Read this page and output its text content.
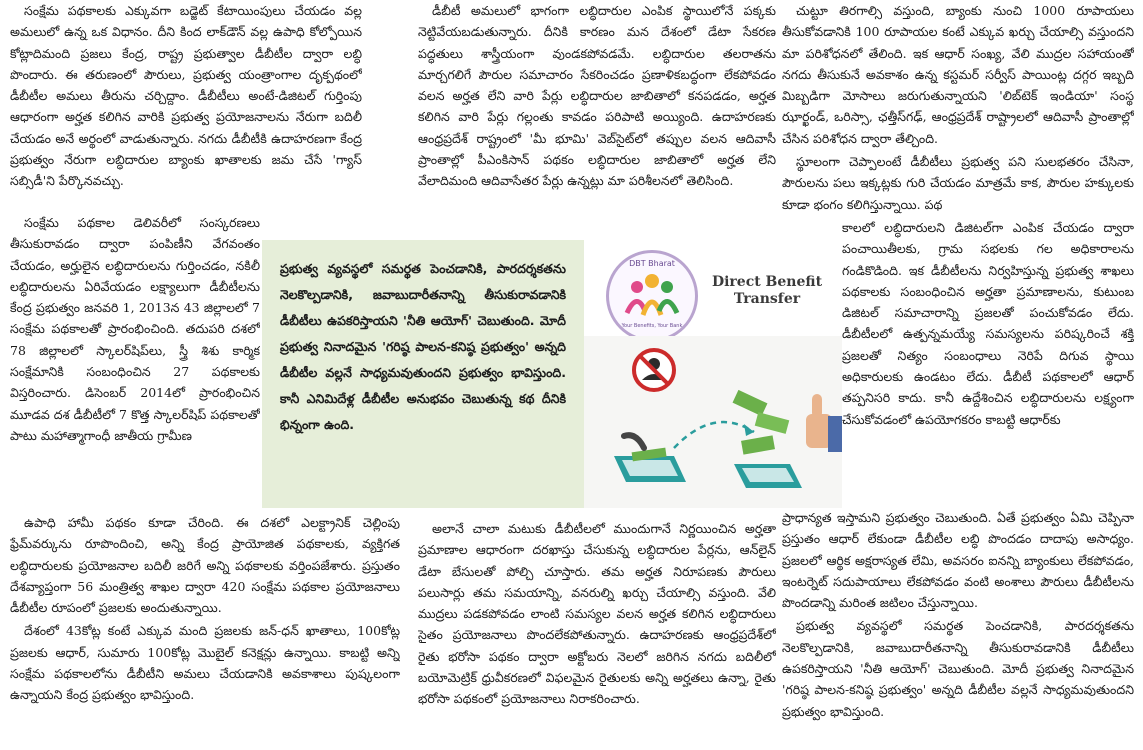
సంక్షేమ పథకాలకు ఎక్కువగా బడ్జెట్ కేటాయింపులు చేయడం వల్ల అమలులో ఉన్న ఒక విధానం. దీని కింద లాక్‌డౌన్ వల్ల ఉపాధి కోల్పోయిన కోట్లాదిమంది ప్రజలు కేంద్ర, రాష్ట్ర ప్రభుత్వాల డీబీటీల ద్వారా లబ్ధి పొందారు. ఈ తరుణంలో పౌరులు, ప్రభుత్వ యంత్రాంగాల దృక్పథంలో డీబీటీల అమలు తీరును చర్చిద్దాం. డీబీటీలు అంటే-డిజిటల్ గుర్తింపు ఆధారంగా అర్హత కలిగిన వారికి ప్రభుత్వ ప్రయోజనాలను నేరుగా బదిలీ చేయడం అనే అర్థంలో వాడుతున్నారు. నగదు డీబీటీకి ఉదాహరణగా కేంద్ర ప్రభుత్వం నేరుగా లబ్ధిదారుల బ్యాంకు ఖాతాలకు జమ చేసే 'గ్యాస్ సబ్సిడీ'ని పేర్కొనవచ్చు.

సంక్షేమ పథకాల డెలివరీలో సంస్కరణలు తీసుకురావడం ద్వారా పంపిణీని వేగవంతం చేయడం, అర్హులైన లబ్ధిదారులను గుర్తించడం, నకిలీ లబ్ధిదారులను ఏరివేయడం లక్ష్యాలుగా డీబీటీలను కేంద్ర ప్రభుత్వం జనవరి 1, 2013న 43 జిల్లాలలో 7 సంక్షేమ పథకాలతో ప్రారంభించింది. తదుపరి దశలో 78 జిల్లాలలో స్కాలర్‌షిప్‌లు, స్త్రీ శిశు కార్మిక సంక్షేమానికి సంబంధించిన 27 పథకాలకు విస్తరించారు. డిసెంబర్ 2014లో ప్రారంభించిన మూడవ దశ డీబీటీలో 7 కొత్త స్కాలర్‌షిప్ పథకాలతో పాటు మహాత్మాగాంధీ జాతీయ గ్రామీణ

ఉపాధి హామీ పథకం కూడా చేరింది. ఈ దశలో ఎలక్ట్రానిక్ చెల్లింపు ఫ్రేమ్‌వర్కును రూపొందించి, అన్ని కేంద్ర ప్రాయోజిత పథకాలకు, వ్యక్తిగత లబ్ధిదారులకు ప్రయోజనాల బదిలీ జరిగే అన్ని పథకాలకు వర్తింపజేశారు. ప్రస్తుతం దేశవ్యాప్తంగా 56 మంత్రిత్వ శాఖల ద్వారా 420 సంక్షేమ పథకాల ప్రయోజనాలు డీబీటీల రూపంలో ప్రజలకు అందుతున్నాయి.

దేశంలో 43కోట్ల కంటే ఎక్కువ మంది ప్రజలకు జన్-ధన్ ఖాతాలు, 100కోట్ల ప్రజలకు ఆధార్, సుమారు 100కోట్ల మొబైల్ కనెక్షన్లు ఉన్నాయి. కాబట్టి అన్ని సంక్షేమ పథకాలలోను డీబీటీని అమలు చేయడానికి అవకాశాలు పుష్కలంగా ఉన్నాయని కేంద్ర ప్రభుత్వం భావిస్తుంది.

డీబీటీ అమలులో భాగంగా లబ్ధిదారుల ఎంపిక స్థాయిలోనే పక్కకు నెట్టివేయబడుతున్నారు. దీనికి కారణం మన దేశంలో డేటా సేకరణ పద్ధతులు శాస్త్రీయంగా వుండకపోవడమే. లబ్ధిదారుల తలరాతను మార్చగలిగే పౌరుల సమాచారం సేకరించడం ప్రణాళికబద్ధంగా లేకపోవడం వలన అర్హత లేని వారి పేర్లు లబ్ధిదారుల జాబితాలో కనపడడం, అర్హత కలిగిన వారి పేర్లు గల్లంతు కావడం పరిపాటి అయ్యింది. ఉదాహరణకు ఆంధ్రప్రదేశ్ రాష్ట్రంలో 'మీ భూమి' వెబ్‌సైట్‌లో తప్పుల వలన ఆదివాసీ ప్రాంతాల్లో పీఎంకిసాన్ పథకం లబ్ధిదారుల జాబితాలో అర్హత లేని వేలాదిమంది ఆదివాసేతర పేర్లు ఉన్నట్లు మా పరిశీలనలో తెలిసింది.

అలానే చాలా మటుకు డీబీటీలలో ముందుగానే నిర్ణయించిన అర్హతా ప్రమాణాల ఆధారంగా దరఖాస్తు చేసుకున్న లబ్ధిదారుల పేర్లను, ఆన్‌లైన్ డేటా బేసులతో పోల్చి చూస్తారు. తమ అర్హత నిరూపణకు పౌరులు పలుసార్లు తమ సమయాన్ని, వనరుల్ని ఖర్చు చేయాల్సి వస్తుంది. వేలి ముద్రలు పడకపోవడం లాంటి సమస్యల వలన అర్హత కలిగిన లబ్ధిదారులు సైతం ప్రయోజనాలు పొందలేకపోతున్నారు. ఉదాహరణకు ఆంధ్రప్రదేశ్‌లో రైతు భరోసా పథకం ద్వారా అక్టోబరు నెలలో జరిగిన నగదు బదిలీలో బయోమెట్రిక్ ధ్రువీకరణలో విఫలమైన రైతులకు అన్ని అర్హతలు ఉన్నా, రైతు భరోసా పథకంలో ప్రయోజనాలు నిరాకరించారు.

చుట్టూ తిరగాల్సి వస్తుంది, బ్యాంకు నుంచి 1000 రూపాయలు తీసుకోవడానికి 100 రూపాయల కంటే ఎక్కువ ఖర్చు చేయాల్సి వస్తుందని మా పరిశోధనలో తేలింది. ఇక ఆధార్ సంఖ్య, వేలి ముద్రల సహాయంతో నగదు తీసుకునే అవకాశం ఉన్న కస్టమర్ సర్వీస్ పాయింట్ల దగ్గర ఇబ్బది మిబ్బడిగా మోసాలు జరుగుతున్నాయని 'లిబ్‌టెక్ ఇండియా' సంస్థ ఝార్ఖండ్, ఒరిస్సా, ఛత్తీస్‌గఢ్, ఆంధ్రప్రదేశ్ రాష్ట్రాలలో ఆదివాసీ ప్రాంతాల్లో చేసిన పరిశోధన ద్వారా తేల్చింది.

స్థూలంగా చెప్పాలంటే డీబీటీలు ప్రభుత్వ పని సులభతరం చేసినా, పౌరులను పలు ఇక్కట్లకు గురి చేయడం మాత్రమే కాక, పౌరుల హక్కులకు కూడా భంగం కలిగిస్తున్నాయి. పథ

కాలలో లబ్ధిదారులని డిజిటల్‌గా ఎంపిక చేయడం ద్వారా పంచాయితీలకు, గ్రామ సభలకు గల అధికారాలను గండికొడింది. ఇక డీబీటీలను నిర్వహిస్తున్న ప్రభుత్వ శాఖలు పథకాలకు సంబంధించిన అర్హతా ప్రమాణాలను, కుటుంబ డిజిటల్ సమాచారాన్ని ప్రజలతో పంచుకోవడం లేదు. డీబీటీలలో ఉత్పన్నమయ్యే సమస్యలను పరిష్కరించే శక్తి ప్రజలతో నిత్యం సంబంధాలు నెరిపే దిగువ స్థాయి అధికారులకు ఉండటం లేదు. డీబీటీ పథకాలలో ఆధార్ తప్పనిసరి కాదు. కానీ ఉద్దేశించిన లబ్ధిదారులను లక్ష్యంగా చేసుకోవడంలో ఉపయోగకరం కాబట్టి ఆధార్‌కు

ప్రాధాన్యత ఇస్తామని ప్రభుత్వం చెబుతుంది. ఏతే ప్రభుత్వం ఏమి చెప్పినా ప్రస్తుతం ఆధార్ లేకుండా డీబీటీల లబ్ధి పొందడం దాదాపు అసాధ్యం. ప్రజలలో ఆర్థిక అక్షరాస్యత లేమి, అవసరం ఐనన్ని బ్యాంకులు లేకపోవడం, ఇంటర్నెట్ సదుపాయాలు లేకపోవడం వంటి అంశాలు పౌరులు డీబీటీలను పొందడాన్ని మరింత జటిలం చేస్తున్నాయి.

ప్రభుత్వ వ్యవస్థలో సమర్థత పెంచడానికి, పారదర్శకతను నెలకొల్పడానికి, జవాబుదారీతనాన్ని తీసుకురావడానికి డీబీటీలు ఉపకరిస్తాయని 'నీతి ఆయోగ్' చెబుతుంది. మోదీ ప్రభుత్వ నినాదమైన 'గరిష్ఠ పాలన-కనిష్ఠ ప్రభుత్వం' అన్నది డీబీటీల వల్లనే సాధ్యమవుతుందని ప్రభుత్వం భావిస్తుంది.

ప్రభుత్వ వ్యవస్థలో సమర్థత పెంచడానికి, పారదర్శకతను నెలకొల్పడానికి, జవాబుదారీతనాన్ని తీసుకురావడానికి డీబీటీలు ఉపకరిస్తాయని 'నీతి ఆయోగ్' చెబుతుంది. మోదీ ప్రభుత్వ నినాదమైన 'గరిష్ఠ పాలన-కనిష్ఠ ప్రభుత్వం' అన్నది డీబీటీల వల్లనే సాధ్యమవుతుందని ప్రభుత్వం భావిస్తుంది. కానీ ఎనిమిదేళ్ల డీబీటీల అనుభవం చెబుతున్న కథ దీనికి భిన్నంగా ఉంది.
DBT Bharat
Your Benefits, Your Bank
Direct Benefit
Transfer
